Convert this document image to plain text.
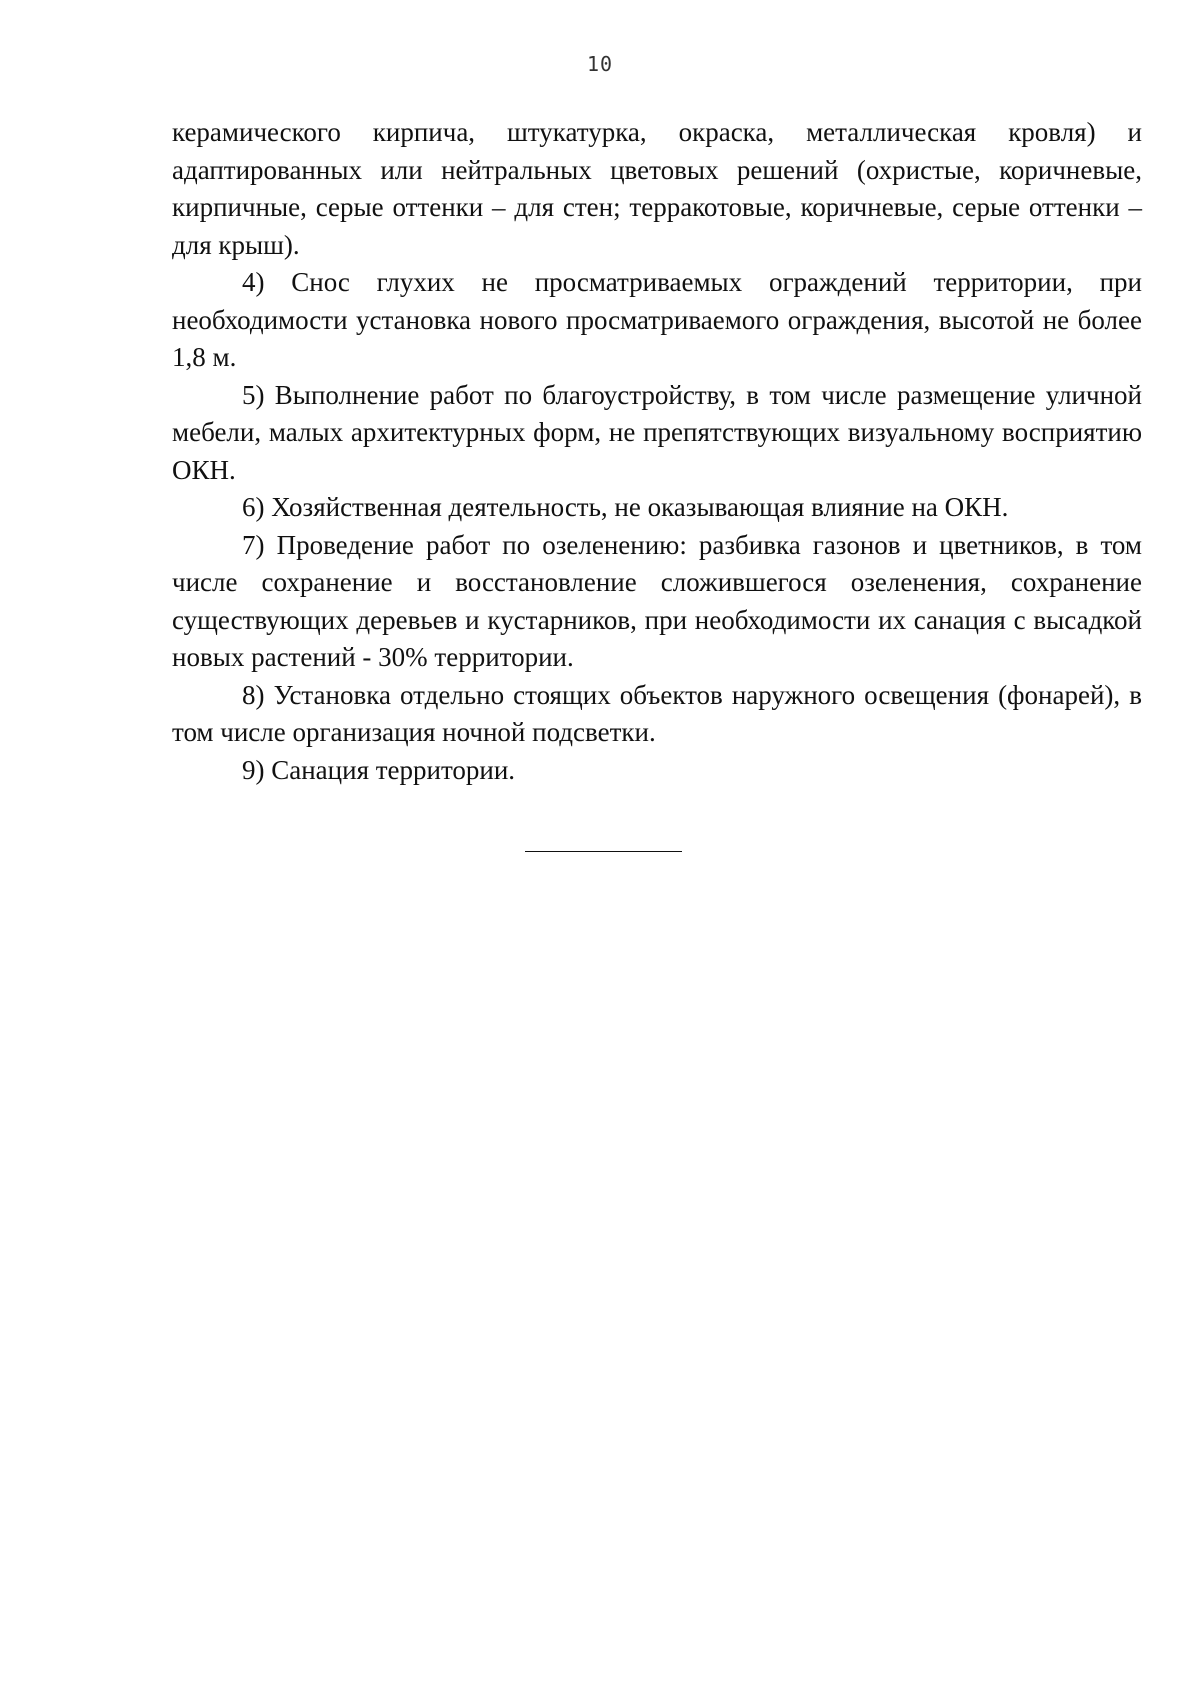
10

керамического кирпича, штукатурка, окраска, металлическая кровля) и адаптированных или нейтральных цветовых решений (охристые, коричневые, кирпичные, серые оттенки – для стен; терракотовые, коричневые, серые оттенки – для крыш).

4) Снос глухих не просматриваемых ограждений территории, при необходимости установка нового просматриваемого ограждения, высотой не более 1,8 м.

5) Выполнение работ по благоустройству, в том числе размещение уличной мебели, малых архитектурных форм, не препятствующих визуальному восприятию ОКН.

6) Хозяйственная деятельность, не оказывающая влияние на ОКН.

7) Проведение работ по озеленению: разбивка газонов и цветников, в том числе сохранение и восстановление сложившегося озеленения, сохранение существующих деревьев и кустарников, при необходимости их санация с высадкой новых растений - 30% территории.

8) Установка отдельно стоящих объектов наружного освещения (фонарей), в том числе организация ночной подсветки.

9) Санация территории.
